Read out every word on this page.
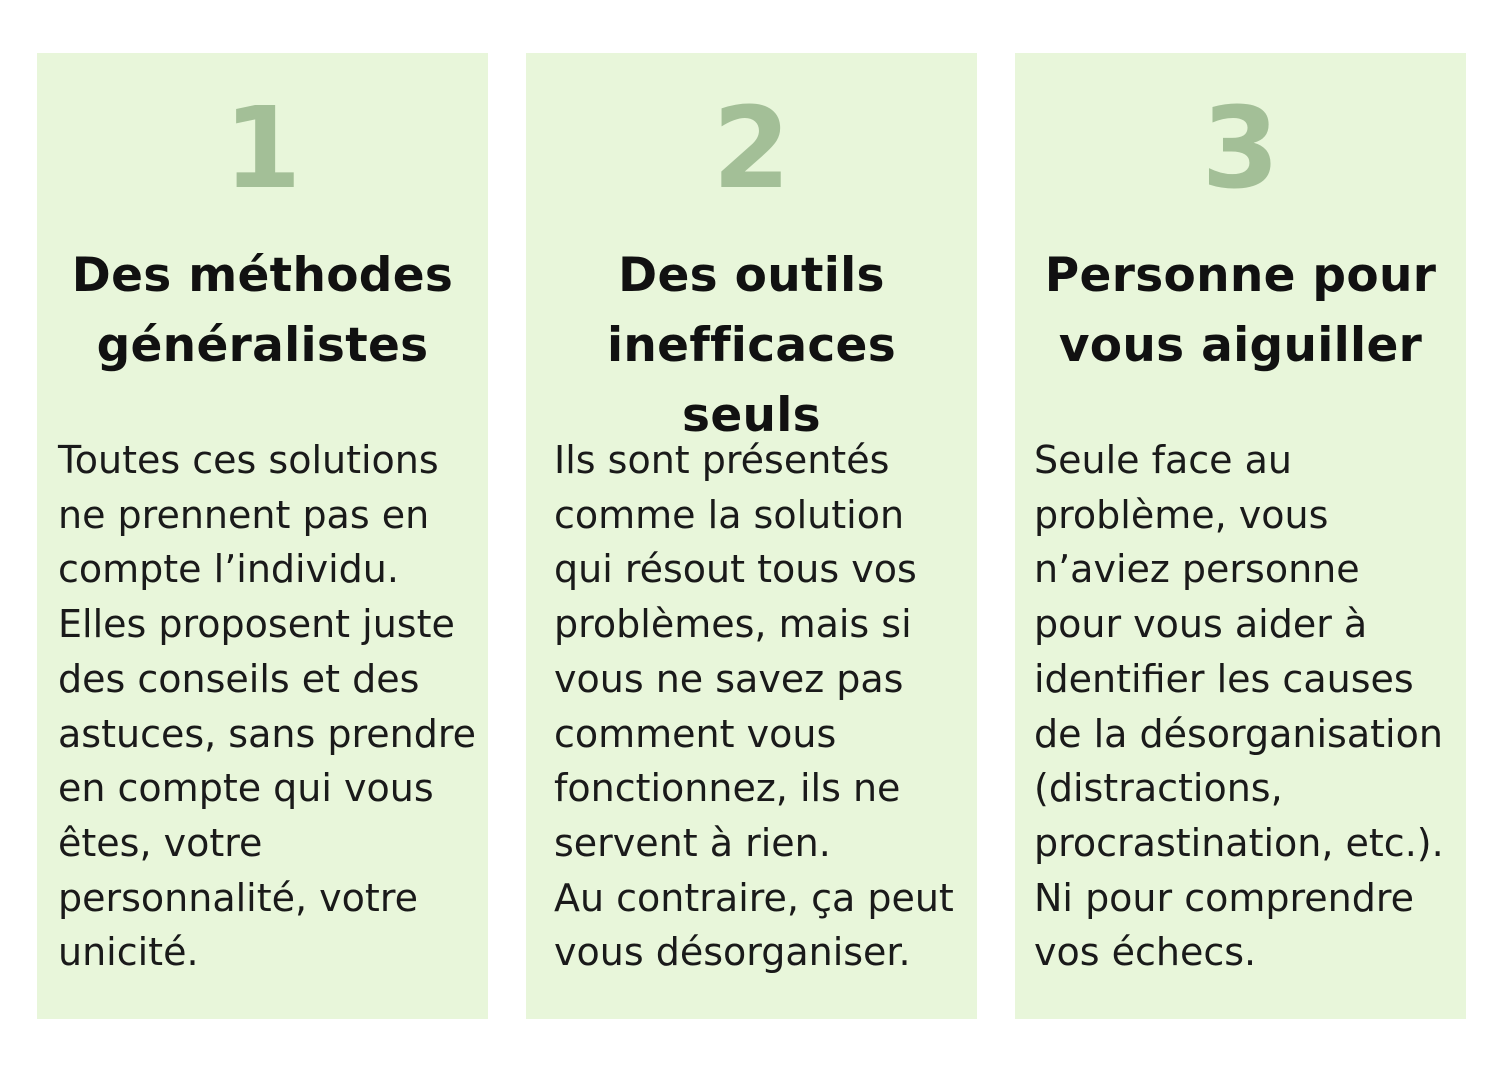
1
Des méthodes
généralistes
Toutes ces solutions
ne prennent pas en
compte l’individu.
Elles proposent juste
des conseils et des
astuces, sans prendre
en compte qui vous
êtes, votre
personnalité, votre
unicité.
2
Des outils
inefficaces seuls
Ils sont présentés
comme la solution
qui résout tous vos
problèmes, mais si
vous ne savez pas
comment vous
fonctionnez, ils ne
servent à rien.
Au contraire, ça peut
vous désorganiser.
3
Personne pour
vous aiguiller
Seule face au
problème, vous
n’aviez personne
pour vous aider à
identifier les causes
de la désorganisation
(distractions,
procrastination, etc.).
Ni pour comprendre
vos échecs.
